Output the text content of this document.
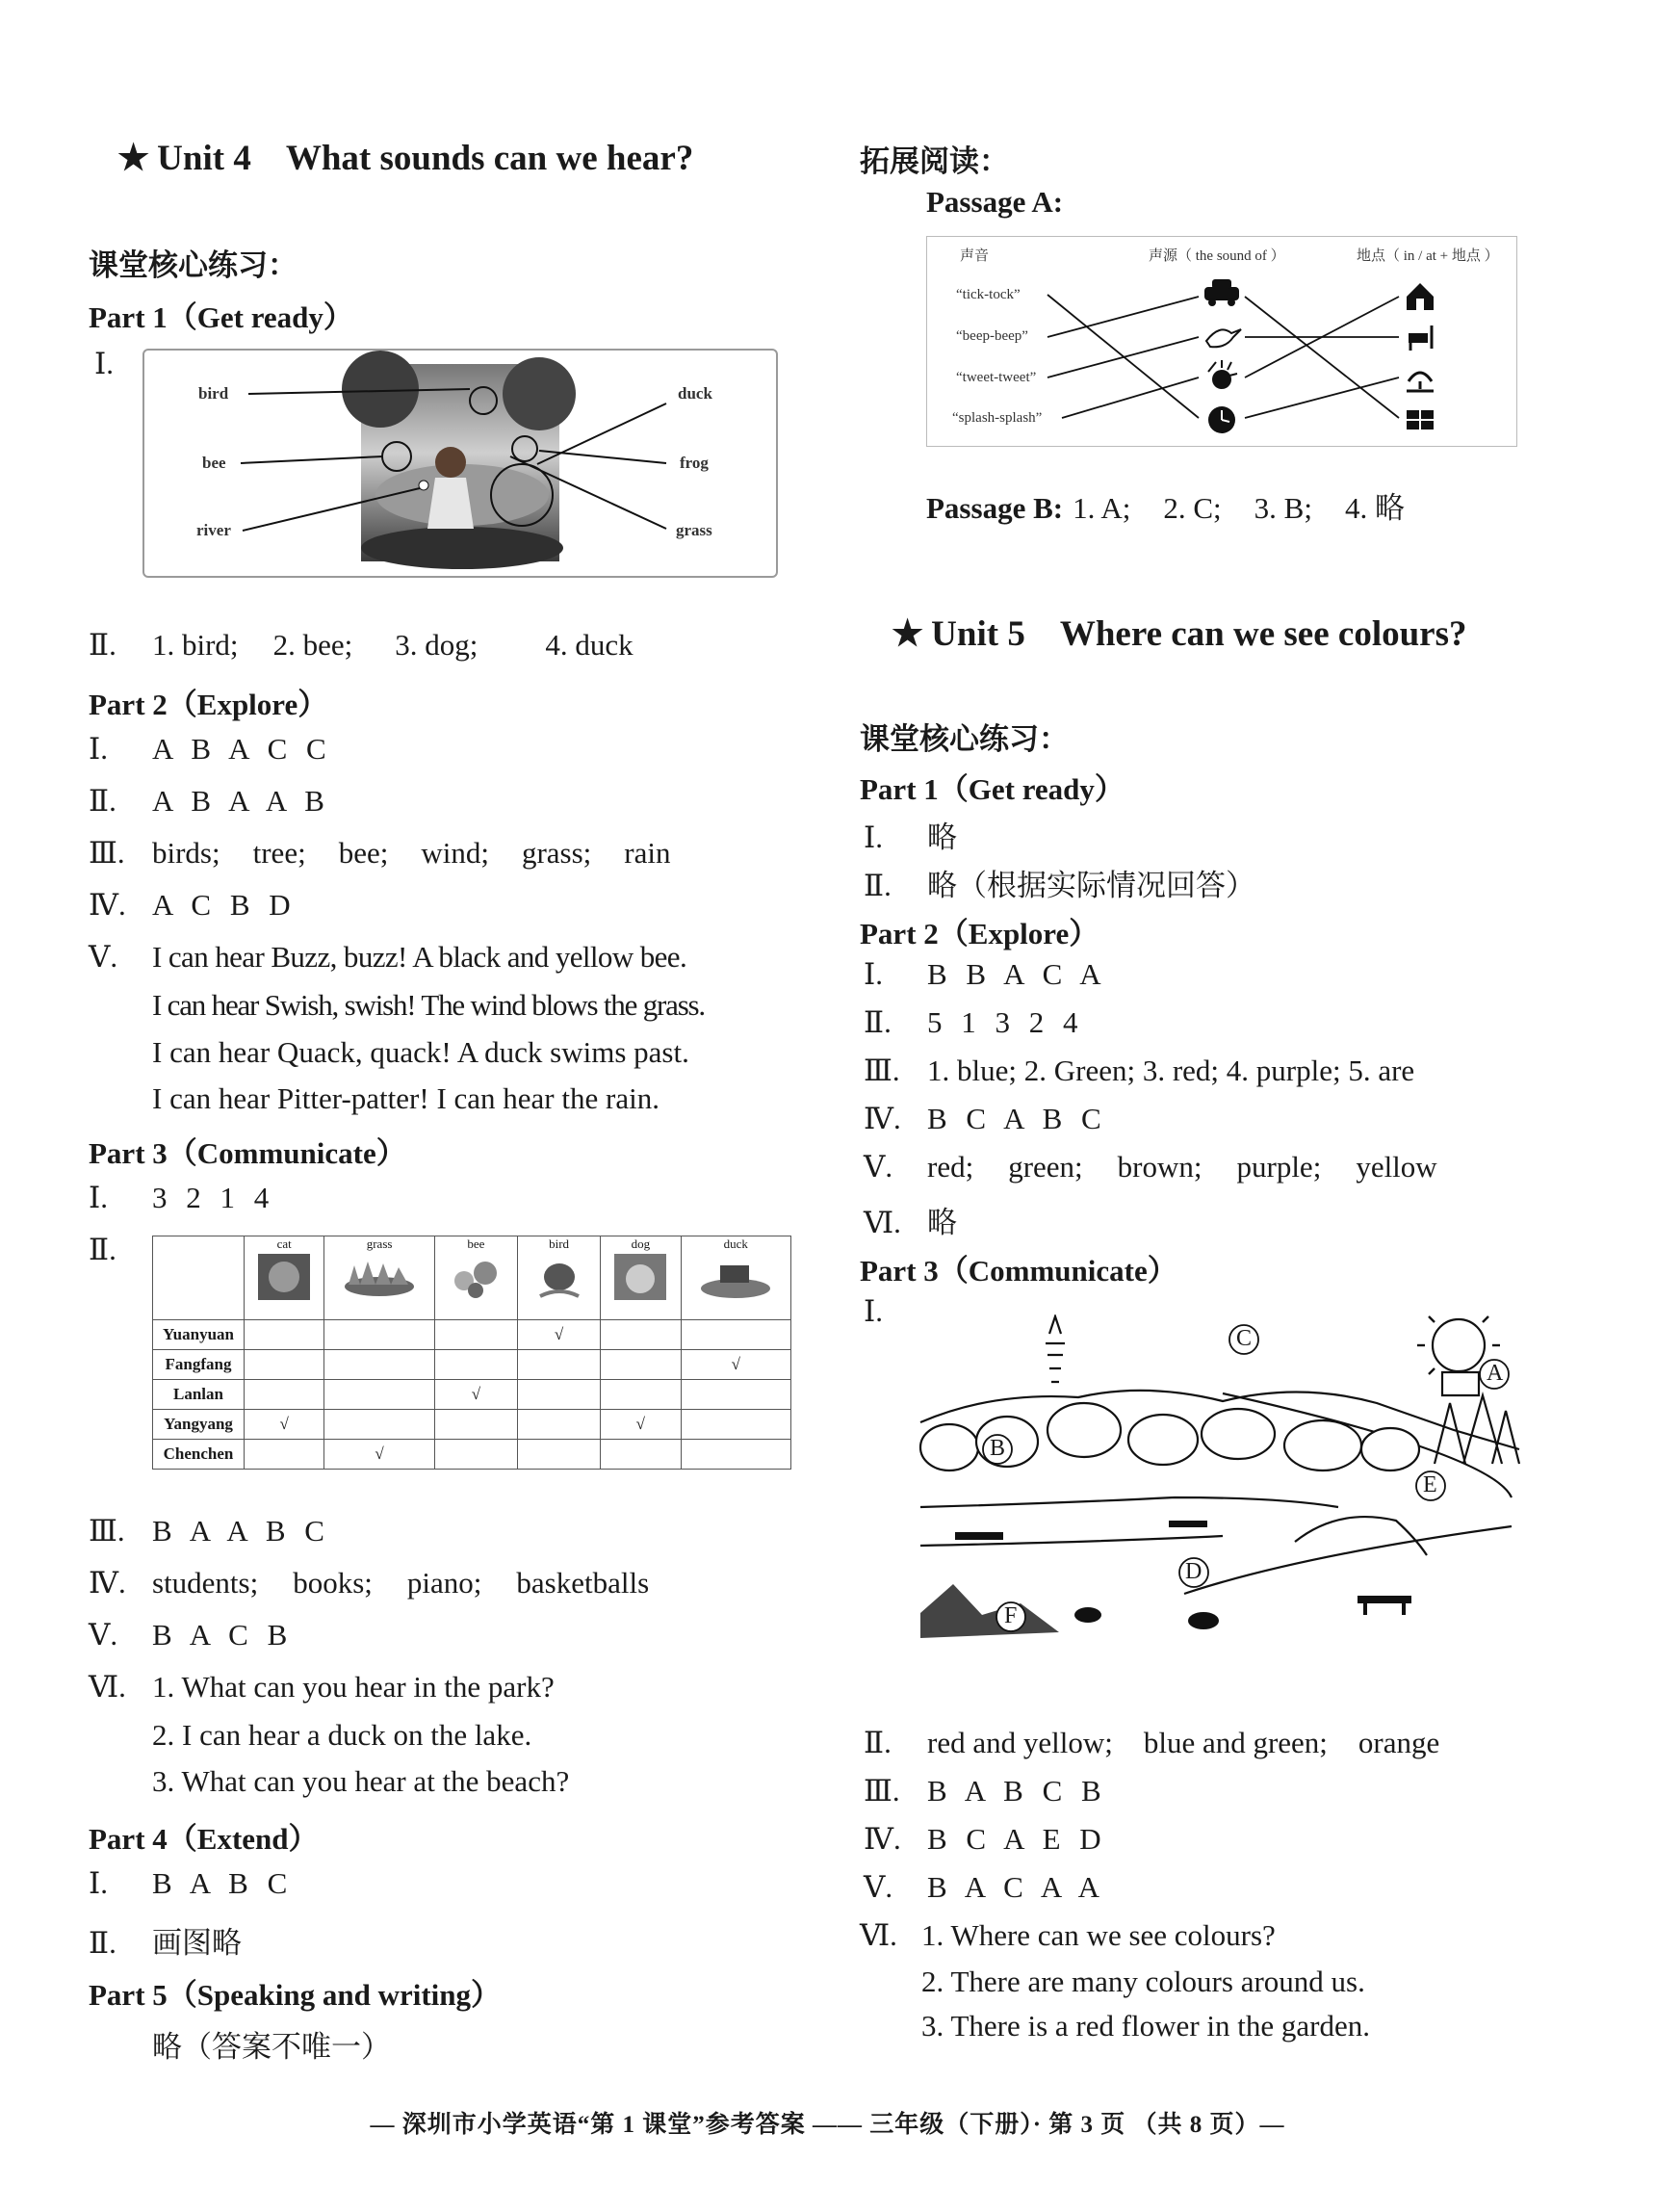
★ Unit 4 What sounds can we hear?
课堂核心练习：
Part 1（Get ready）
Ⅰ.
bird
bee
river
duck
frog
grass
Ⅱ. 1. bird; 2. bee; 3. dog; 4. duck
Part 2（Explore）
Ⅰ. A B A C C
Ⅱ. A B A A B
Ⅲ. birds; tree; bee; wind; grass; rain
Ⅳ. A C B D
Ⅴ. I can hear Buzz, buzz! A black and yellow bee.
I can hear Swish, swish! The wind blows the grass.
I can hear Quack, quack! A duck swims past.
I can hear Pitter-patter! I can hear the rain.
Part 3（Communicate）
Ⅰ. 3 2 1 4
Ⅱ.

	cat	grass	bee	bird	dog	duck

Yuanyuan				√		
Fangfang						√
Lanlan			√			
Yangyang	√				√	
Chenchen		√				
Ⅲ. B A A B C
Ⅳ. students; books; piano; basketballs
Ⅴ. B A C B
Ⅵ. 1. What can you hear in the park?
2. I can hear a duck on the lake.
3. What can you hear at the beach?
Part 4（Extend）
Ⅰ. B A B C
Ⅱ. 画图略
Part 5（Speaking and writing）
略（答案不唯一）
拓展阅读：
Passage A:
声音	声源（ the sound of ）	地点（ in / at + 地点 ）
“tick-tock”
“beep-beep”
“tweet-tweet”
“splash-splash”
Passage B: 1. A; 2. C; 3. B; 4. 略
★ Unit 5 Where can we see colours?
课堂核心练习：
Part 1（Get ready）
Ⅰ. 略
Ⅱ. 略（根据实际情况回答）
Part 2（Explore）
Ⅰ. B B A C A
Ⅱ. 5 1 3 2 4
Ⅲ. 1. blue; 2. Green; 3. red; 4. purple; 5. are
Ⅳ. B C A B C
Ⅴ. red; green; brown; purple; yellow
Ⅵ. 略
Part 3（Communicate）
Ⅰ.
A
B
C
D
E
F
Ⅱ. red and yellow; blue and green; orange
Ⅲ. B A B C B
Ⅳ. B C A E D
Ⅴ. B A C A A
Ⅵ. 1. Where can we see colours?
2. There are many colours around us.
3. There is a red flower in the garden.
— 深圳市小学英语“第 1 课堂”参考答案 —— 三年级（下册）· 第 3 页 （共 8 页）—
